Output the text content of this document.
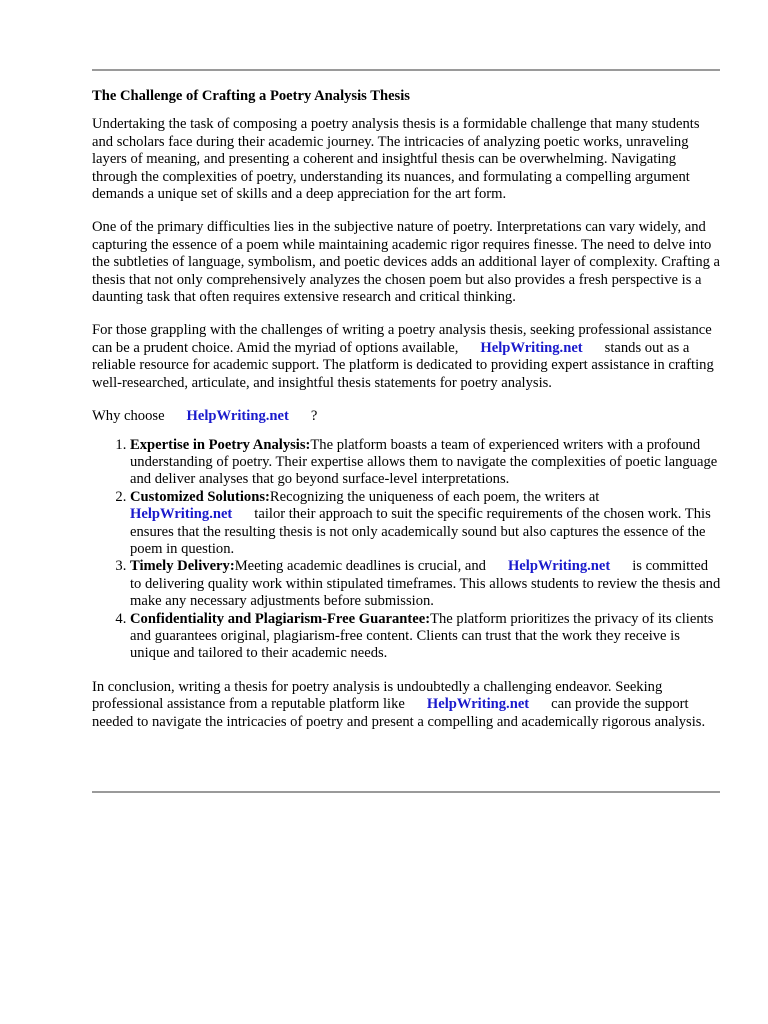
The Challenge of Crafting a Poetry Analysis Thesis

Undertaking the task of composing a poetry analysis thesis is a formidable challenge that many students and scholars face during their academic journey. The intricacies of analyzing poetic works, unraveling layers of meaning, and presenting a coherent and insightful thesis can be overwhelming. Navigating through the complexities of poetry, understanding its nuances, and formulating a compelling argument demands a unique set of skills and a deep appreciation for the art form.

One of the primary difficulties lies in the subjective nature of poetry. Interpretations can vary widely, and capturing the essence of a poem while maintaining academic rigor requires finesse. The need to delve into the subtleties of language, symbolism, and poetic devices adds an additional layer of complexity. Crafting a thesis that not only comprehensively analyzes the chosen poem but also provides a fresh perspective is a daunting task that often requires extensive research and critical thinking.

For those grappling with the challenges of writing a poetry analysis thesis, seeking professional assistance can be a prudent choice. Amid the myriad of options available, HelpWriting.net stands out as a reliable resource for academic support. The platform is dedicated to providing expert assistance in crafting well-researched, articulate, and insightful thesis statements for poetry analysis.

Why choose HelpWriting.net ?

1. Expertise in Poetry Analysis:The platform boasts a team of experienced writers with a profound understanding of poetry. Their expertise allows them to navigate the complexities of poetic language and deliver analyses that go beyond surface-level interpretations.
2. Customized Solutions:Recognizing the uniqueness of each poem, the writers at
HelpWriting.net tailor their approach to suit the specific requirements of the chosen work. This ensures that the resulting thesis is not only academically sound but also captures the essence of the poem in question.
3. Timely Delivery:Meeting academic deadlines is crucial, and HelpWriting.net is committed to delivering quality work within stipulated timeframes. This allows students to review the thesis and make any necessary adjustments before submission.
4. Confidentiality and Plagiarism-Free Guarantee:The platform prioritizes the privacy of its clients and guarantees original, plagiarism-free content. Clients can trust that the work they receive is unique and tailored to their academic needs.

In conclusion, writing a thesis for poetry analysis is undoubtedly a challenging endeavor. Seeking professional assistance from a reputable platform like HelpWriting.net can provide the support needed to navigate the intricacies of poetry and present a compelling and academically rigorous analysis.
